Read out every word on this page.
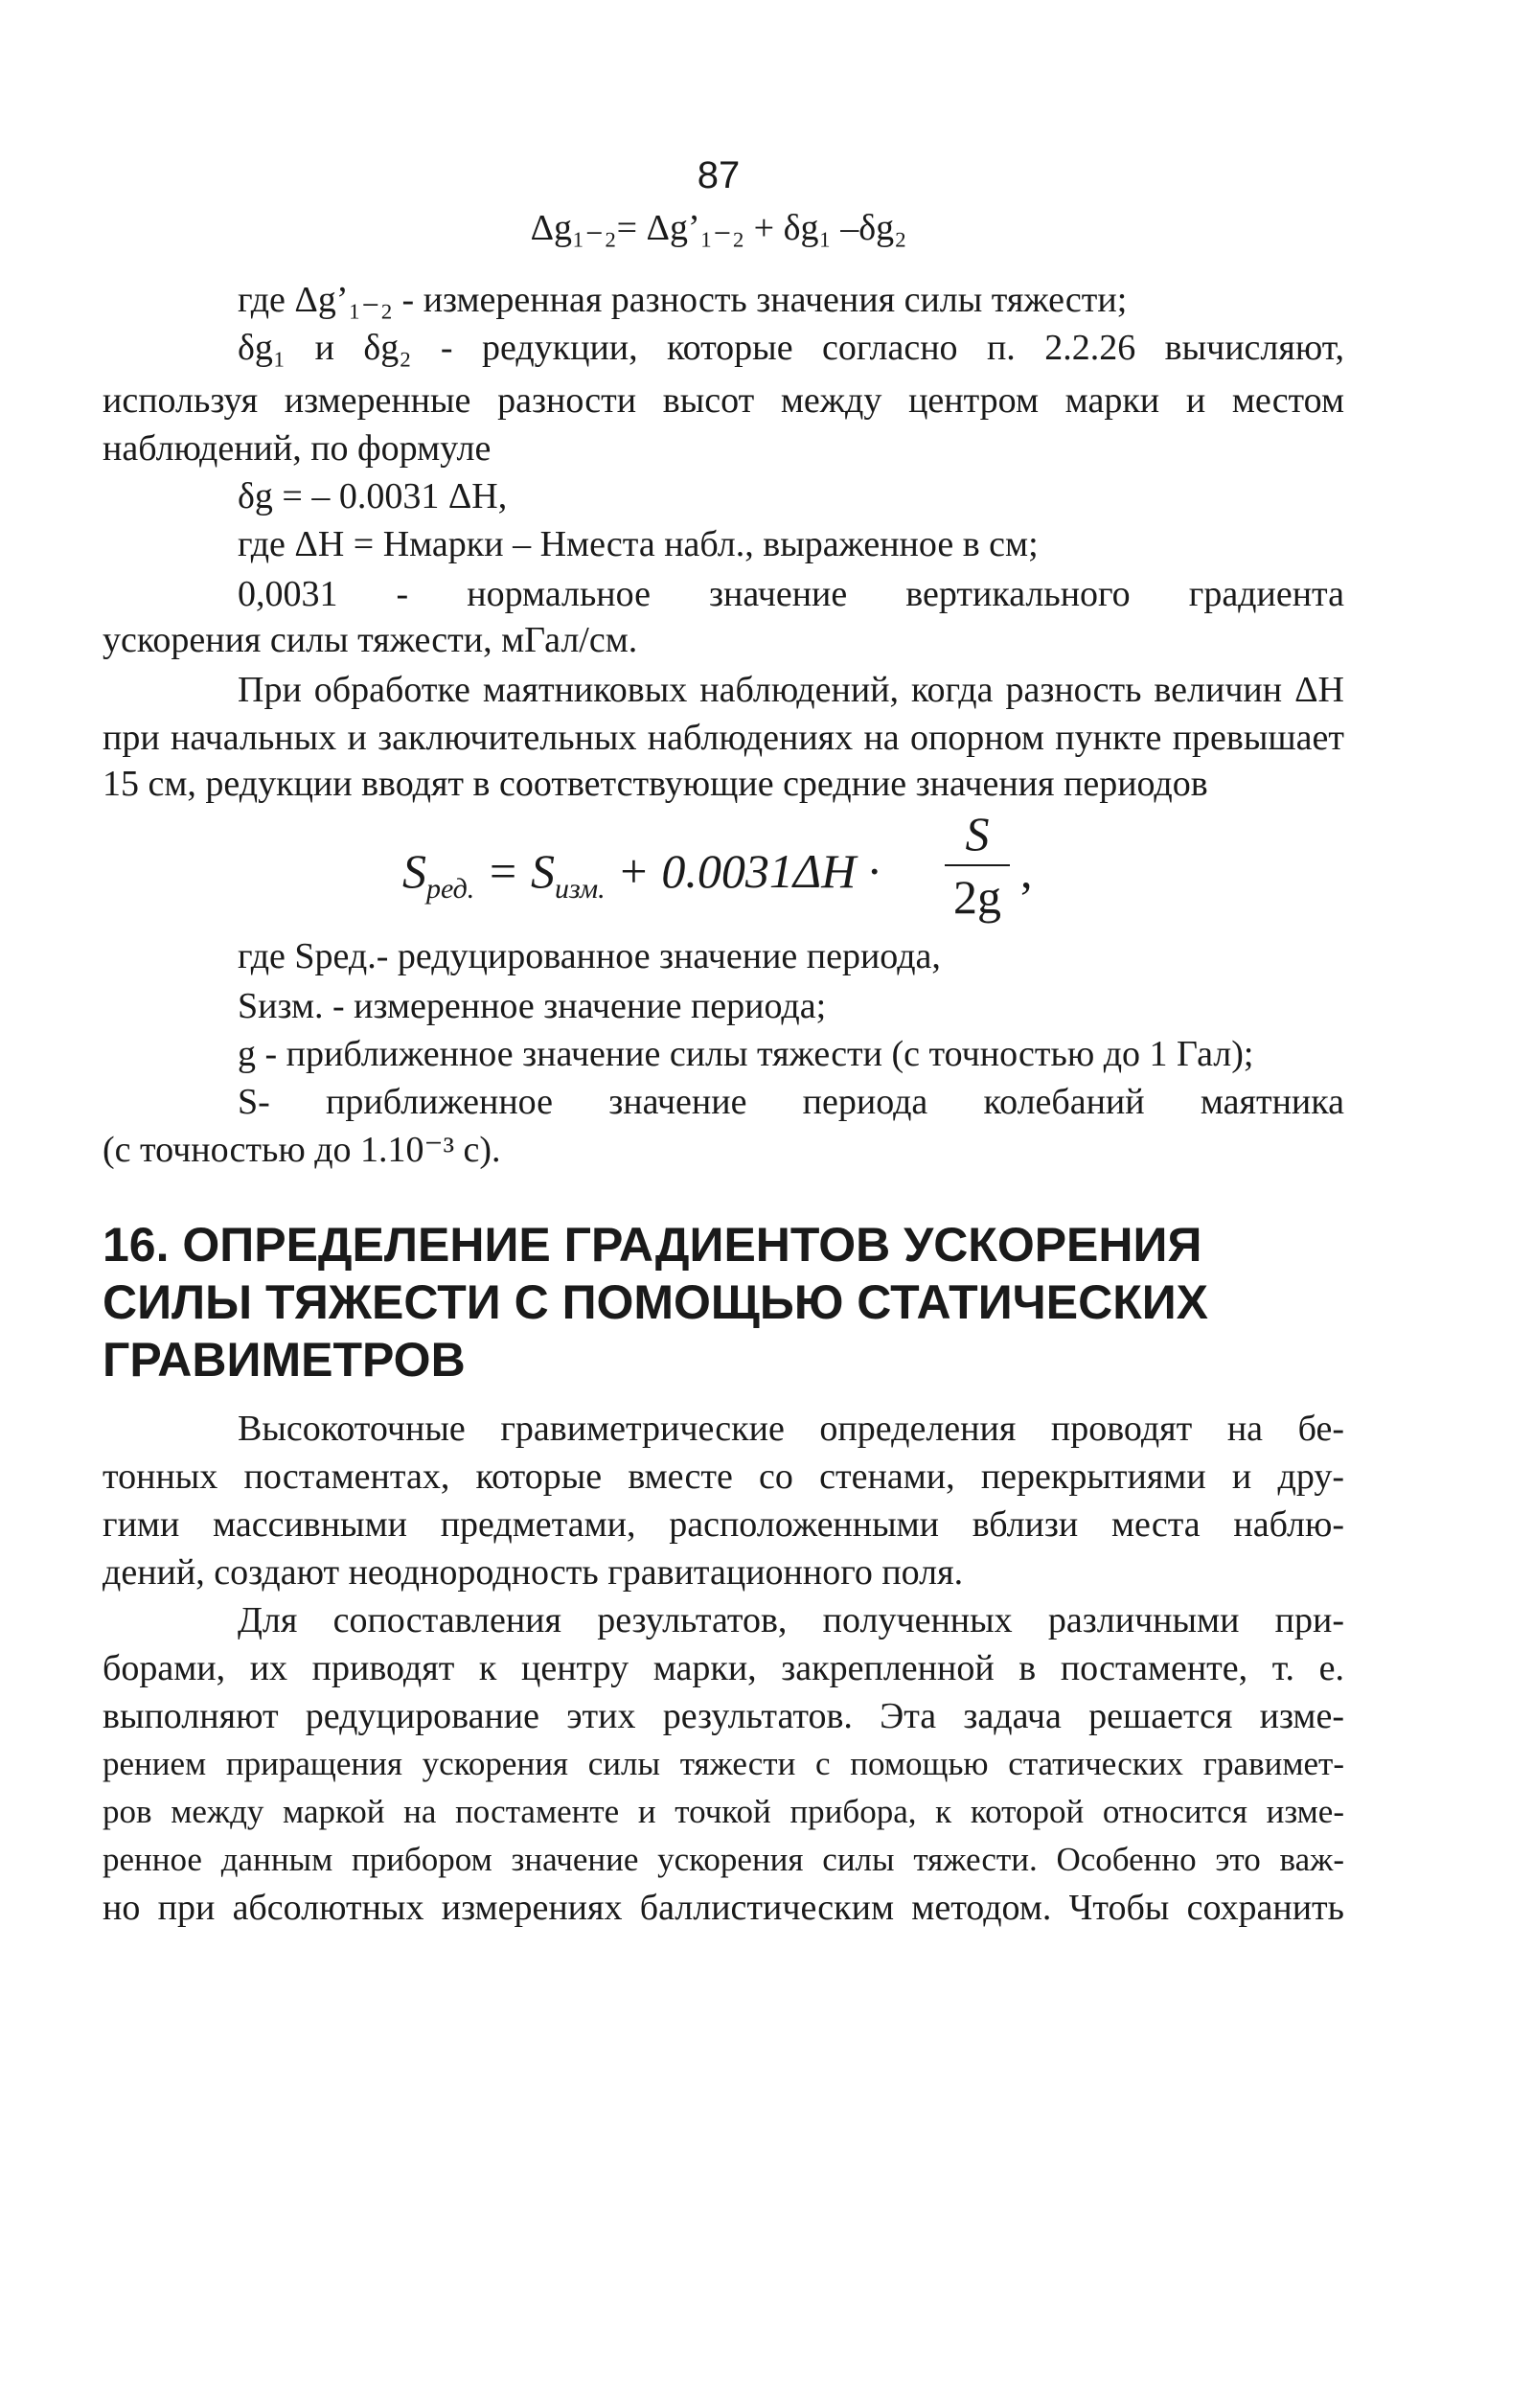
87
Δg₁₋₂= Δg’₁₋₂ + δg₁ –δg₂
где Δg’₁₋₂ - измеренная разность значения силы тяжести;
δg₁ и δg₂ - редукции, которые согласно п. 2.2.26 вычисляют,
используя измеренные разности высот между центром марки и местом
наблюдений, по формуле
δg = – 0.0031 ΔH,
где ΔH = Hмарки – Hместа набл., выраженное в см;
0,0031 - нормальное значение вертикального градиента
ускорения силы тяжести, мГал/см.
При обработке маятниковых наблюдений, когда разность величин ΔH
при начальных и заключительных наблюдениях на опорном пункте превышает
15 см, редукции вводят в соответствующие средние значения периодов
$S_{ред.} = S_{изм.} + 0.0031\Delta H$ ·
S
2g ,
где Sред.- редуцированное значение периода,
Sизм. - измеренное значение периода;
g - приближенное значение силы тяжести (с точностью до 1 Гал);
S- приближенное значение периода колебаний маятника
(с точностью до 1.10⁻³ с).
16. ОПРЕДЕЛЕНИЕ ГРАДИЕНТОВ УСКОРЕНИЯ
СИЛЫ ТЯЖЕСТИ С ПОМОЩЬЮ СТАТИЧЕСКИХ
ГРАВИМЕТРОВ
Высокоточные гравиметрические определения проводят на бе-
тонных постаментах, которые вместе со стенами, перекрытиями и дру-
гими массивными предметами, расположенными вблизи места наблю-
дений, создают неоднородность гравитационного поля.
Для сопоставления результатов, полученных различными при-
борами, их приводят к центру марки, закрепленной в постаменте, т. е.
выполняют редуцирование этих результатов. Эта задача решается изме-
рением приращения ускорения силы тяжести с помощью статических гравимет-
ров между маркой на постаменте и точкой прибора, к которой относится изме-
ренное данным прибором значение ускорения силы тяжести. Особенно это важ-
но при абсолютных измерениях баллистическим методом. Чтобы сохранить
